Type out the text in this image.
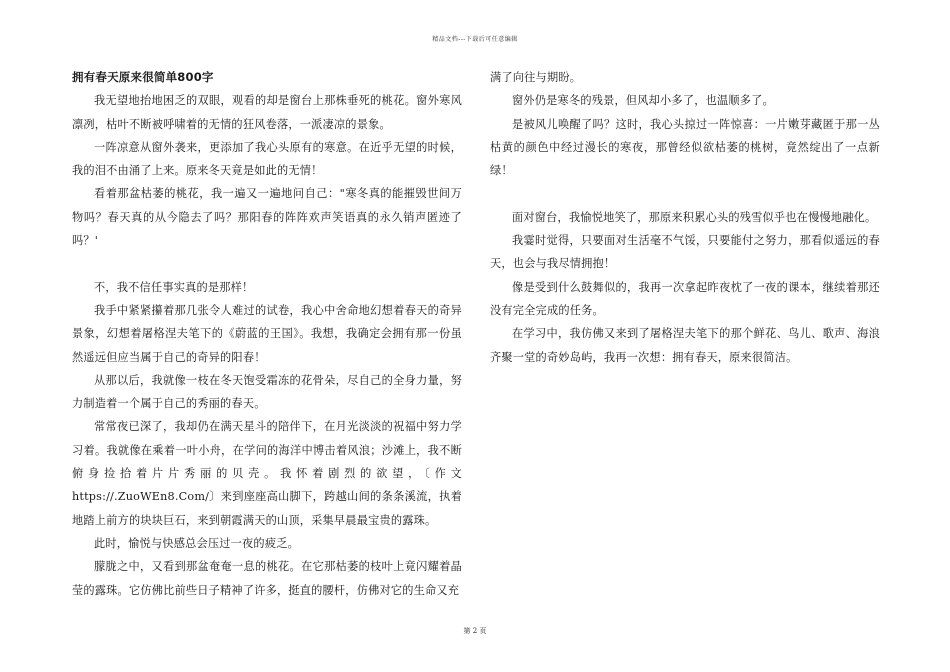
精品文档---下载后可任意编辑
拥有春天原来很简单800字

我无望地抬地困乏的双眼，观看的却是窗台上那株垂死的桃花。窗外寒风凛冽，枯叶不断被呼啸着的无情的狂风卷落，一派凄凉的景象。

一阵凉意从窗外袭来，更添加了我心头原有的寒意。在近乎无望的时候，我的泪不由涌了上来。原来冬天竟是如此的无情！

看着那盆枯萎的桃花，我一遍又一遍地问自己："寒冬真的能摧毁世间万物吗？春天真的从今隐去了吗？那阳春的阵阵欢声笑语真的永久销声匿迹了吗？'

不，我不信任事实真的是那样！

我手中紧紧攥着那几张令人难过的试卷，我心中舍命地幻想着春天的奇异景象，幻想着屠格涅夫笔下的《蔚蓝的王国》。我想，我确定会拥有那一份虽然遥远但应当属于自己的奇异的阳春！

从那以后，我就像一枝在冬天饱受霜冻的花骨朵，尽自己的全身力量，努力制造着一个属于自己的秀丽的春天。

常常夜已深了，我却仍在满天星斗的陪伴下，在月光淡淡的祝福中努力学习着。我就像在乘着一叶小舟，在学问的海洋中博击着风浪；沙滩上，我不断俯身捡拾着片片秀丽的贝壳。我怀着剧烈的欲望，〔作文https://.ZuoWEn8.Com/〕来到座座高山脚下，跨越山间的条条溪流，执着地踏上前方的块块巨石，来到朝霞满天的山顶，采集早晨最宝贵的露珠。

此时，愉悦与快感总会压过一夜的疲乏。

朦胧之中，又看到那盆奄奄一息的桃花。在它那枯萎的枝叶上竟闪耀着晶莹的露珠。它仿佛比前些日子精神了许多，挺直的腰杆，仿佛对它的生命又充

满了向往与期盼。

窗外仍是寒冬的残景，但风却小多了，也温顺多了。

是被风儿唤醒了吗？这时，我心头掠过一阵惊喜：一片嫩芽藏匿于那一丛枯黄的颜色中经过漫长的寒夜，那曾经似欲枯萎的桃树，竟然绽出了一点新绿！

面对窗台，我愉悦地笑了，那原来积累心头的残雪似乎也在慢慢地融化。

我霎时觉得，只要面对生活毫不气馁，只要能付之努力，那看似遥远的春天，也会与我尽情拥抱！

像是受到什么鼓舞似的，我再一次拿起昨夜枕了一夜的课本，继续着那还没有完全完成的任务。

在学习中，我仿佛又来到了屠格涅夫笔下的那个鲜花、鸟儿、歌声、海浪齐聚一堂的奇妙岛屿，我再一次想：拥有春天，原来很简洁。

第 2 页
